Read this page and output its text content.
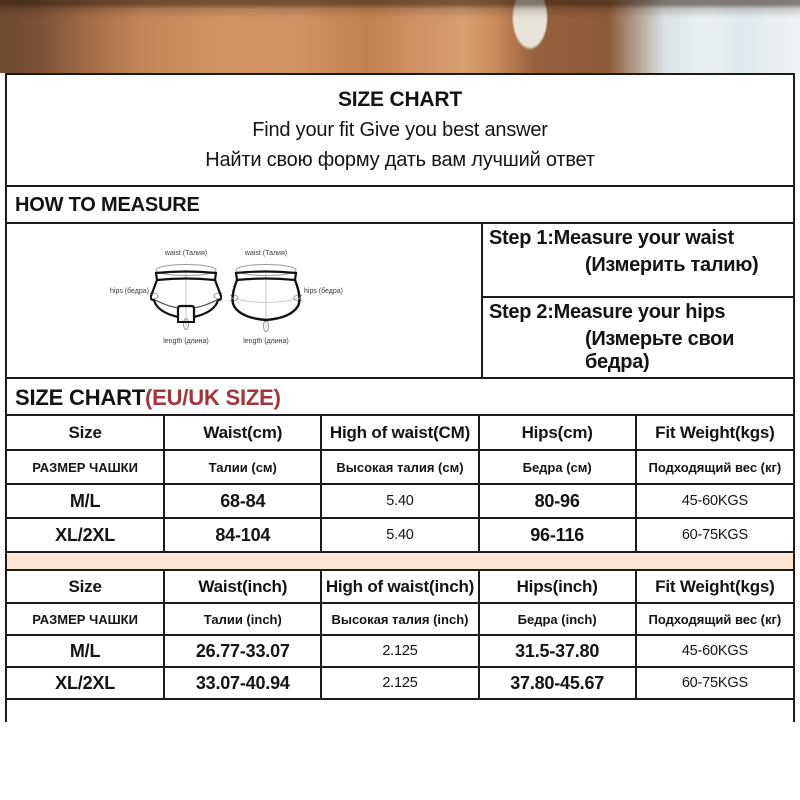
SIZE CHART
Find your fit Give you best answer
Найти свою форму дать вам лучший ответ
HOW TO MEASURE
waist (Талия)	waist (Талия)
hips (бедра)	hips (бедра)
length (длина)	length (длина)
Step 1:Measure your waist
(Измерить талию)
Step 2:Measure your hips
(Измерьте свои бедра)
SIZE CHART(EU/UK SIZE)
Size	Waist(cm)	High of waist(CM)	Hips(cm)	Fit Weight(kgs)
РАЗМЕР ЧАШКИ	Талии (см)	Высокая талия (см)	Бедра (см)	Подходящий вес (кг)
M/L	68-84	5.40	80-96	45-60KGS
XL/2XL	84-104	5.40	96-116	60-75KGS
Size	Waist(inch)	High of waist(inch)	Hips(inch)	Fit Weight(kgs)
РАЗМЕР ЧАШКИ	Талии (inch)	Высокая талия (inch)	Бедра (inch)	Подходящий вес (кг)
M/L	26.77-33.07	2.125	31.5-37.80	45-60KGS
XL/2XL	33.07-40.94	2.125	37.80-45.67	60-75KGS
